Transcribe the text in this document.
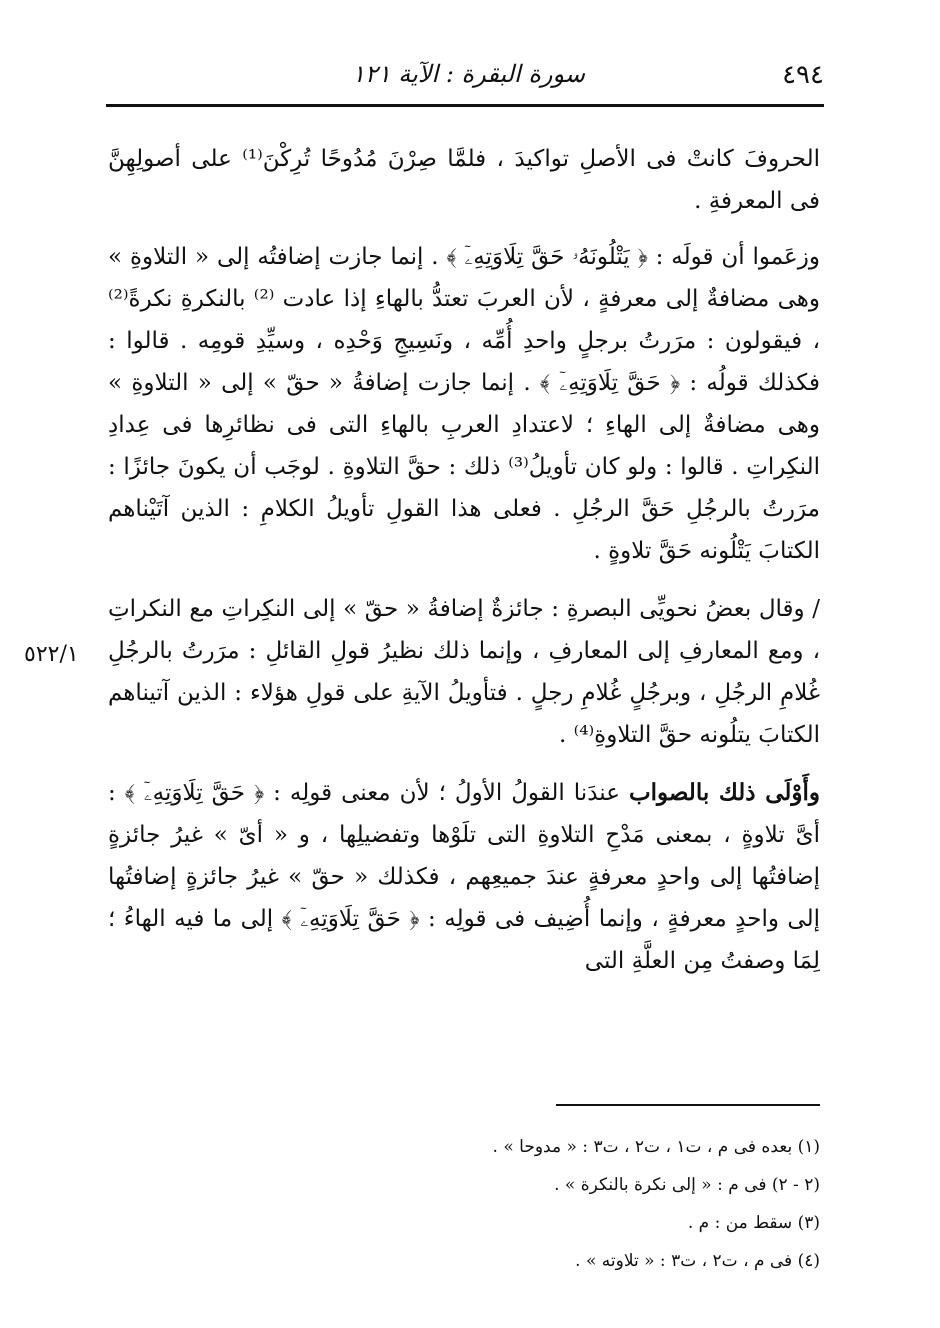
٤٩٤
سورة البقرة : الآية ١٢١
٥٢٢/١

الحروفَ كانتْ فى الأصلِ تواكيدَ ، فلمَّا صِرْنَ مُدُوحًا تُرِكْنَ⁽¹⁾ على أصولِهِنَّ فى المعرفةِ .

وزعَموا أن قولَه : ﴿ يَتْلُونَهُۥ حَقَّ تِلَاوَتِهِۦٓ ﴾ . إنما جازت إضافتُه إلى « التلاوةِ » وهى مضافةٌ إلى معرفةٍ ، لأن العربَ تعتدُّ بالهاءِ إذا عادت ⁽²⁾ بالنكرةِ نكرةً⁽²⁾ ، فيقولون : مرَرتُ برجلٍ واحدِ أُمِّه ، ونَسِيجِ وَحْدِه ، وسيِّدِ قومِه . قالوا : فكذلك قولُه : ﴿ حَقَّ تِلَاوَتِهِۦٓ ﴾ . إنما جازت إضافةُ « حقّ » إلى « التلاوةِ » وهى مضافةٌ إلى الهاءِ ؛ لاعتدادِ العربِ بالهاءِ التى فى نظائرِها فى عِدادِ النكِراتِ . قالوا : ولو كان تأويلُ⁽³⁾ ذلك : حقَّ التلاوةِ . لوجَب أن يكونَ جائزًا : مرَرتُ بالرجُلِ حَقَّ الرجُلِ . فعلى هذا القولِ تأويلُ الكلامِ : الذين آتَيْناهم الكتابَ يَتْلُونه حَقَّ تلاوةٍ .

/ وقال بعضُ نحويِّى البصرةِ : جائزةٌ إضافةُ « حقّ » إلى النكِراتِ مع النكراتِ ، ومع المعارفِ إلى المعارفِ ، وإنما ذلك نظيرُ قولِ القائلِ : مرَرتُ بالرجُلِ غُلامِ الرجُلِ ، وبرجُلٍ غُلامِ رجلٍ . فتأويلُ الآيةِ على قولِ هؤلاء : الذين آتيناهم الكتابَ يتلُونه حقَّ التلاوةِ⁽⁴⁾ .

وأَوْلَى ذلك بالصواب عندَنا القولُ الأولُ ؛ لأن معنى قولِه : ﴿ حَقَّ تِلَاوَتِهِۦٓ ﴾ : أىَّ تلاوةٍ ، بمعنى مَدْحِ التلاوةِ التى تلَوْها وتفضيلِها ، و « أىّ » غيرُ جائزةٍ إضافتُها إلى واحدٍ معرفةٍ عندَ جميعِهم ، فكذلك « حقّ » غيرُ جائزةٍ إضافتُها إلى واحدٍ معرفةٍ ، وإنما أُضِيف فى قولِه : ﴿ حَقَّ تِلَاوَتِهِۦٓ ﴾ إلى ما فيه الهاءُ ؛ لِمَا وصفتُ مِن العلَّةِ التى

(١) بعده فى م ، ت١ ، ت٢ ، ت٣ : « مدوحا » .

(٢ - ٢) فى م : « إلى نكرة بالنكرة » .

(٣) سقط من : م .

(٤) فى م ، ت٢ ، ت٣ : « تلاوته » .
